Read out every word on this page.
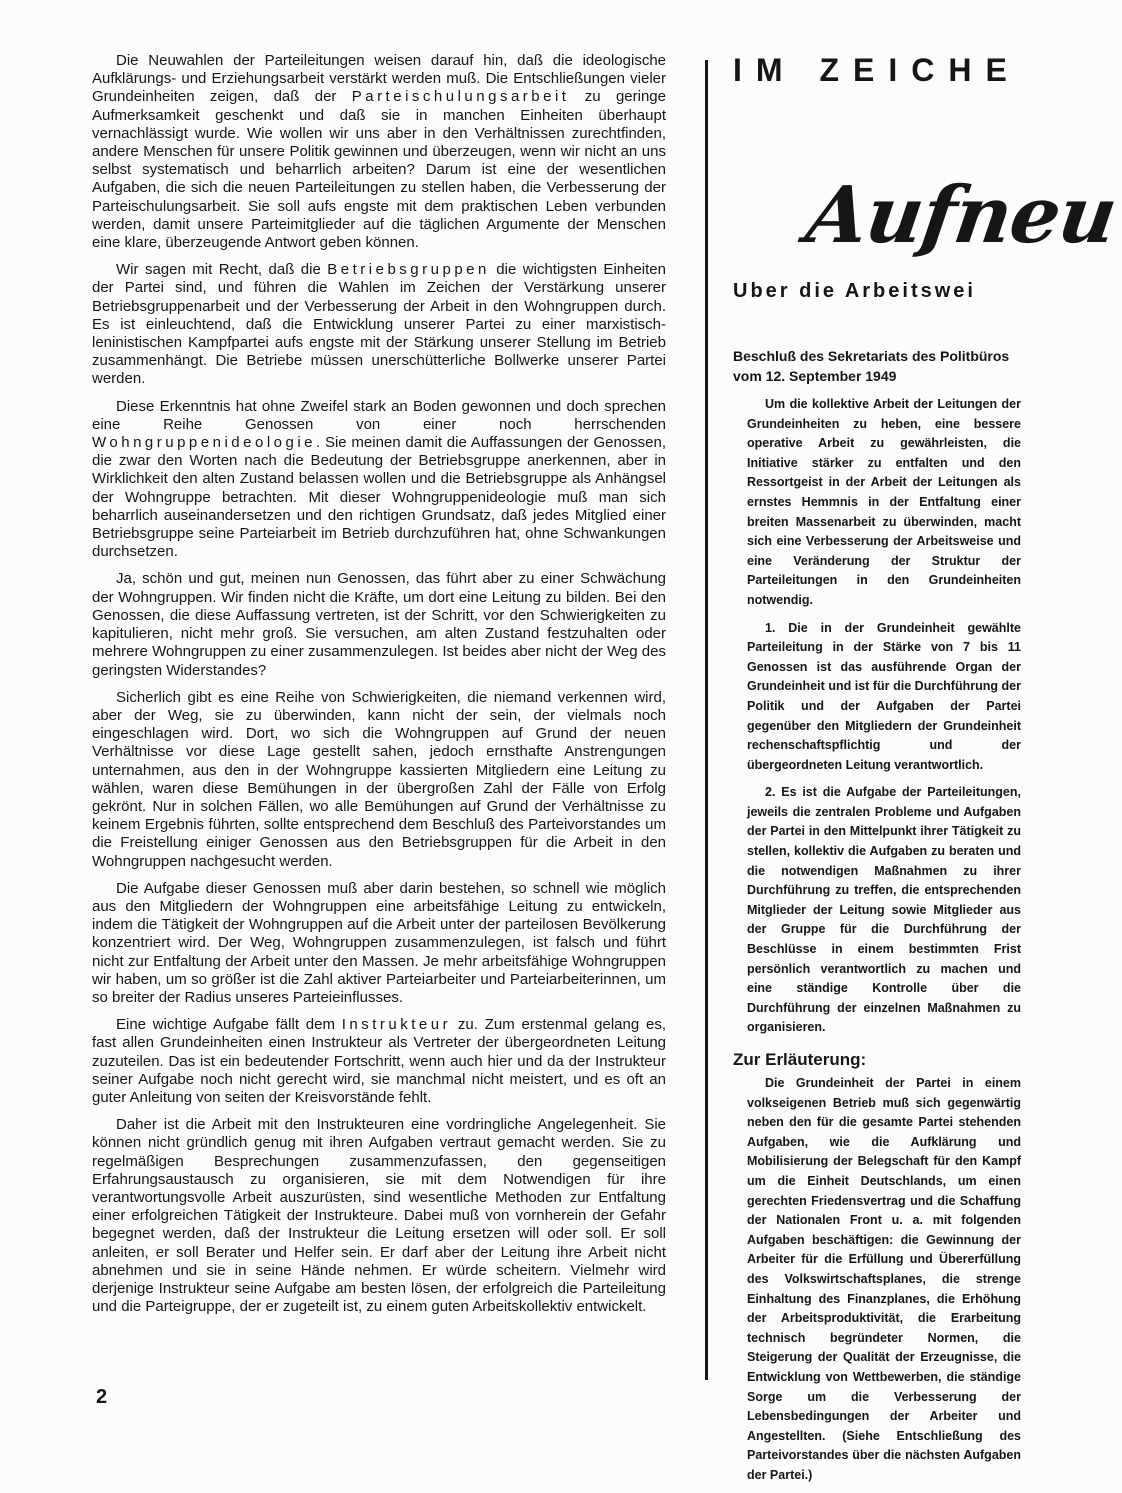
Die Neuwahlen der Parteileitungen weisen darauf hin, daß die ideologische Aufklärungs- und Erziehungsarbeit verstärkt werden muß. Die Entschließungen vieler Grundeinheiten zeigen, daß der Parteischulungsarbeit zu geringe Aufmerksamkeit geschenkt und daß sie in manchen Einheiten überhaupt vernachlässigt wurde. Wie wollen wir uns aber in den Verhältnissen zurechtfinden, andere Menschen für unsere Politik gewinnen und überzeugen, wenn wir nicht an uns selbst systematisch und beharrlich arbeiten? Darum ist eine der wesentlichen Aufgaben, die sich die neuen Parteileitungen zu stellen haben, die Verbesserung der Parteischulungsarbeit. Sie soll aufs engste mit dem praktischen Leben verbunden werden, damit unsere Parteimitglieder auf die täglichen Argumente der Menschen eine klare, überzeugende Antwort geben können.

Wir sagen mit Recht, daß die Betriebsgruppen die wichtigsten Einheiten der Partei sind, und führen die Wahlen im Zeichen der Verstärkung unserer Betriebsgruppenarbeit und der Verbesserung der Arbeit in den Wohngruppen durch. Es ist einleuchtend, daß die Entwicklung unserer Partei zu einer marxistisch-leninistischen Kampfpartei aufs engste mit der Stärkung unserer Stellung im Betrieb zusammenhängt. Die Betriebe müssen unerschütterliche Bollwerke unserer Partei werden.

Diese Erkenntnis hat ohne Zweifel stark an Boden gewonnen und doch sprechen eine Reihe Genossen von einer noch herrschenden Wohngruppenideologie. Sie meinen damit die Auffassungen der Genossen, die zwar den Worten nach die Bedeutung der Betriebsgruppe anerkennen, aber in Wirklichkeit den alten Zustand belassen wollen und die Betriebsgruppe als Anhängsel der Wohngruppe betrachten. Mit dieser Wohngruppenideologie muß man sich beharrlich auseinandersetzen und den richtigen Grundsatz, daß jedes Mitglied einer Betriebsgruppe seine Parteiarbeit im Betrieb durchzuführen hat, ohne Schwankungen durchsetzen.

Ja, schön und gut, meinen nun Genossen, das führt aber zu einer Schwächung der Wohngruppen. Wir finden nicht die Kräfte, um dort eine Leitung zu bilden. Bei den Genossen, die diese Auffassung vertreten, ist der Schritt, vor den Schwierigkeiten zu kapitulieren, nicht mehr groß. Sie versuchen, am alten Zustand festzuhalten oder mehrere Wohngruppen zu einer zusammenzulegen. Ist beides aber nicht der Weg des geringsten Widerstandes?

Sicherlich gibt es eine Reihe von Schwierigkeiten, die niemand verkennen wird, aber der Weg, sie zu überwinden, kann nicht der sein, der vielmals noch eingeschlagen wird. Dort, wo sich die Wohngruppen auf Grund der neuen Verhältnisse vor diese Lage gestellt sahen, jedoch ernsthafte Anstrengungen unternahmen, aus den in der Wohngruppe kassierten Mitgliedern eine Leitung zu wählen, waren diese Bemühungen in der übergroßen Zahl der Fälle von Erfolg gekrönt. Nur in solchen Fällen, wo alle Bemühungen auf Grund der Verhältnisse zu keinem Ergebnis führten, sollte entsprechend dem Beschluß des Parteivorstandes um die Freistellung einiger Genossen aus den Betriebsgruppen für die Arbeit in den Wohngruppen nachgesucht werden.

Die Aufgabe dieser Genossen muß aber darin bestehen, so schnell wie möglich aus den Mitgliedern der Wohngruppen eine arbeitsfähige Leitung zu entwickeln, indem die Tätigkeit der Wohngruppen auf die Arbeit unter der parteilosen Bevölkerung konzentriert wird. Der Weg, Wohngruppen zusammenzulegen, ist falsch und führt nicht zur Entfaltung der Arbeit unter den Massen. Je mehr arbeitsfähige Wohngruppen wir haben, um so größer ist die Zahl aktiver Parteiarbeiter und Parteiarbeiterinnen, um so breiter der Radius unseres Parteieinflusses.

Eine wichtige Aufgabe fällt dem Instrukteur zu. Zum erstenmal gelang es, fast allen Grundeinheiten einen Instrukteur als Vertreter der übergeordneten Leitung zuzuteilen. Das ist ein bedeutender Fortschritt, wenn auch hier und da der Instrukteur seiner Aufgabe noch nicht gerecht wird, sie manchmal nicht meistert, und es oft an guter Anleitung von seiten der Kreisvorstände fehlt.

Daher ist die Arbeit mit den Instrukteuren eine vordringliche Angelegenheit. Sie können nicht gründlich genug mit ihren Aufgaben vertraut gemacht werden. Sie zu regelmäßigen Besprechungen zusammenzufassen, den gegenseitigen Erfahrungsaustausch zu organisieren, sie mit dem Notwendigen für ihre verantwortungsvolle Arbeit auszurüsten, sind wesentliche Methoden zur Entfaltung einer erfolgreichen Tätigkeit der Instrukteure. Dabei muß von vornherein der Gefahr begegnet werden, daß der Instrukteur die Leitung ersetzen will oder soll. Er soll anleiten, er soll Berater und Helfer sein. Er darf aber der Leitung ihre Arbeit nicht abnehmen und sie in seine Hände nehmen. Er würde scheitern. Vielmehr wird derjenige Instrukteur seine Aufgabe am besten lösen, der erfolgreich die Parteileitung und die Parteigruppe, der er zugeteilt ist, zu einem guten Arbeitskollektiv entwickelt.

2
IM ZEICHE
Aufneu
Uber die Arbeitswei
Beschluß des Sekretariats des Politbüros
vom 12. September 1949

Um die kollektive Arbeit der Leitungen der Grundeinheiten zu heben, eine bessere operative Arbeit zu gewährleisten, die Initiative stärker zu entfalten und den Ressortgeist in der Arbeit der Leitungen als ernstes Hemmnis in der Entfaltung einer breiten Massenarbeit zu überwinden, macht sich eine Verbesserung der Arbeitsweise und eine Veränderung der Struktur der Parteileitungen in den Grundeinheiten notwendig.

1. Die in der Grundeinheit gewählte Parteileitung in der Stärke von 7 bis 11 Genossen ist das ausführende Organ der Grundeinheit und ist für die Durchführung der Politik und der Aufgaben der Partei gegenüber den Mitgliedern der Grundeinheit rechenschaftspflichtig und der übergeordneten Leitung verantwortlich.

2. Es ist die Aufgabe der Parteileitungen, jeweils die zentralen Probleme und Aufgaben der Partei in den Mittelpunkt ihrer Tätigkeit zu stellen, kollektiv die Aufgaben zu beraten und die notwendigen Maßnahmen zu ihrer Durchführung zu treffen, die entsprechenden Mitglieder der Leitung sowie Mitglieder aus der Gruppe für die Durchführung der Beschlüsse in einem bestimmten Frist persönlich verantwortlich zu machen und eine ständige Kontrolle über die Durchführung der einzelnen Maßnahmen zu organisieren.

Zur Erläuterung:

Die Grundeinheit der Partei in einem volkseigenen Betrieb muß sich gegenwärtig neben den für die gesamte Partei stehenden Aufgaben, wie die Aufklärung und Mobilisierung der Belegschaft für den Kampf um die Einheit Deutschlands, um einen gerechten Friedensvertrag und die Schaffung der Nationalen Front u. a. mit folgenden Aufgaben beschäftigen: die Gewinnung der Arbeiter für die Erfüllung und Übererfüllung des Volkswirtschaftsplanes, die strenge Einhaltung des Finanzplanes, die Erhöhung der Arbeitsproduktivität, die Erarbeitung technisch begründeter Normen, die Steigerung der Qualität der Erzeugnisse, die Entwicklung von Wettbewerben, die ständige Sorge um die Verbesserung der Lebensbedingungen der Arbeiter und Angestellten. (Siehe Entschließung des Parteivorstandes über die nächsten Aufgaben der Partei.)
